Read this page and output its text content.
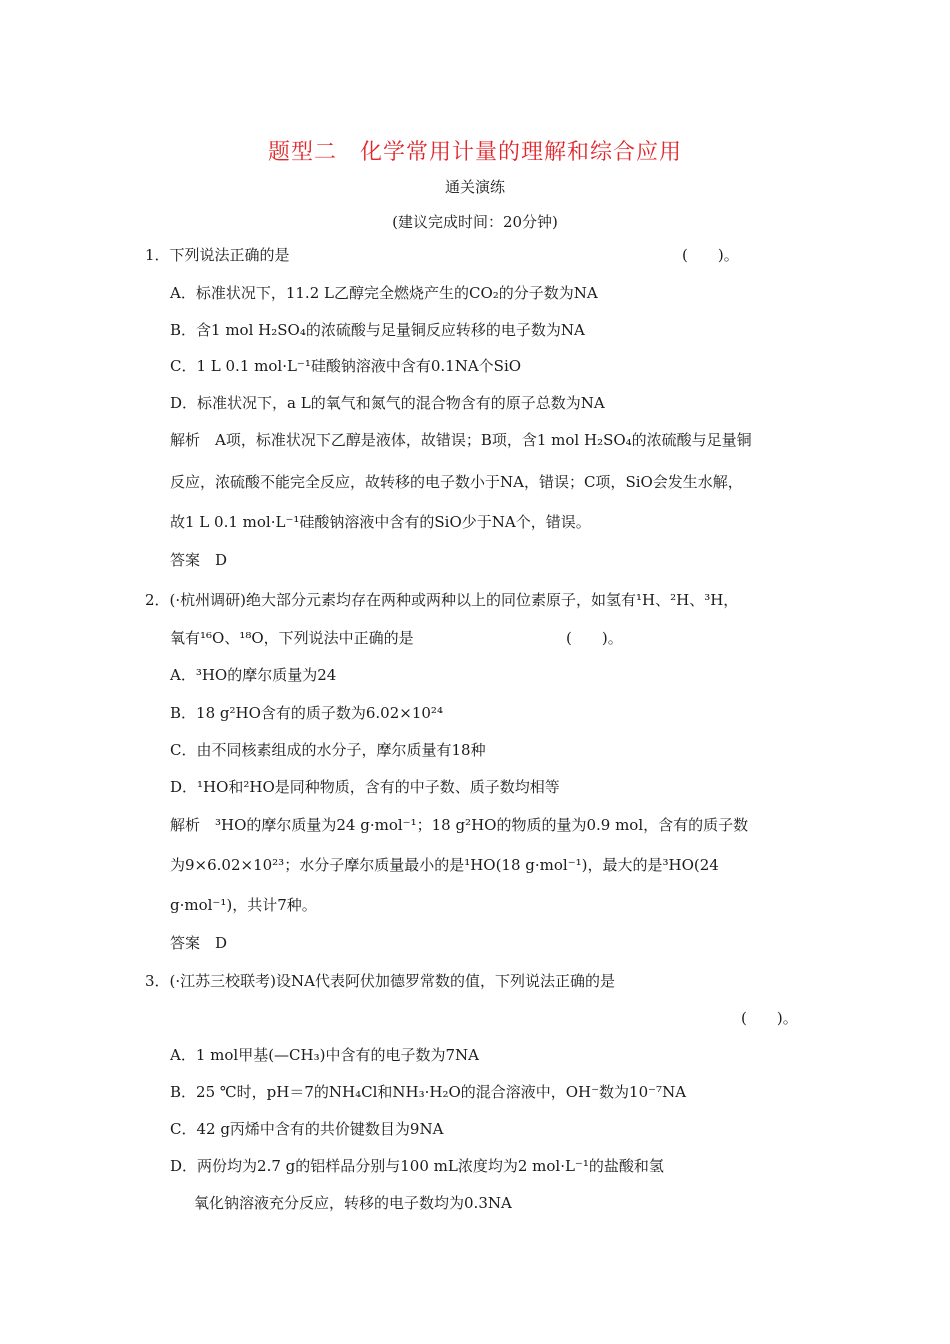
题型二　化学常用计量的理解和综合应用
通关演练
(建议完成时间：20分钟)
1．下列说法正确的是	(　　)。
A．标准状况下，11.2 L乙醇完全燃烧产生的CO₂的分子数为NA
B．含1 mol H₂SO₄的浓硫酸与足量铜反应转移的电子数为NA
C．1 L 0.1 mol·L⁻¹硅酸钠溶液中含有0.1NA个SiO
D．标准状况下，a L的氧气和氮气的混合物含有的原子总数为NA
解析　A项，标准状况下乙醇是液体，故错误；B项，含1 mol H₂SO₄的浓硫酸与足量铜
反应，浓硫酸不能完全反应，故转移的电子数小于NA，错误；C项，SiO会发生水解，
故1 L 0.1 mol·L⁻¹硅酸钠溶液中含有的SiO少于NA个，错误。
答案　D
2．(·杭州调研)绝大部分元素均存在两种或两种以上的同位素原子，如氢有¹H、²H、³H，
氧有¹⁶O、¹⁸O，下列说法中正确的是	(　　)。
A．³HO的摩尔质量为24
B．18 g²HO含有的质子数为6.02×10²⁴
C．由不同核素组成的水分子，摩尔质量有18种
D．¹HO和²HO是同种物质，含有的中子数、质子数均相等
解析　³HO的摩尔质量为24 g·mol⁻¹；18 g²HO的物质的量为0.9 mol，含有的质子数
为9×6.02×10²³；水分子摩尔质量最小的是¹HO(18 g·mol⁻¹)，最大的是³HO(24
g·mol⁻¹)，共计7种。
答案　D
3．(·江苏三校联考)设NA代表阿伏加德罗常数的值，下列说法正确的是
(　　)。
A．1 mol甲基(—CH₃)中含有的电子数为7NA
B．25 ℃时，pH＝7的NH₄Cl和NH₃·H₂O的混合溶液中，OH⁻数为10⁻⁷NA
C．42 g丙烯中含有的共价键数目为9NA
D．两份均为2.7 g的铝样品分别与100 mL浓度均为2 mol·L⁻¹的盐酸和氢
氧化钠溶液充分反应，转移的电子数均为0.3NA
